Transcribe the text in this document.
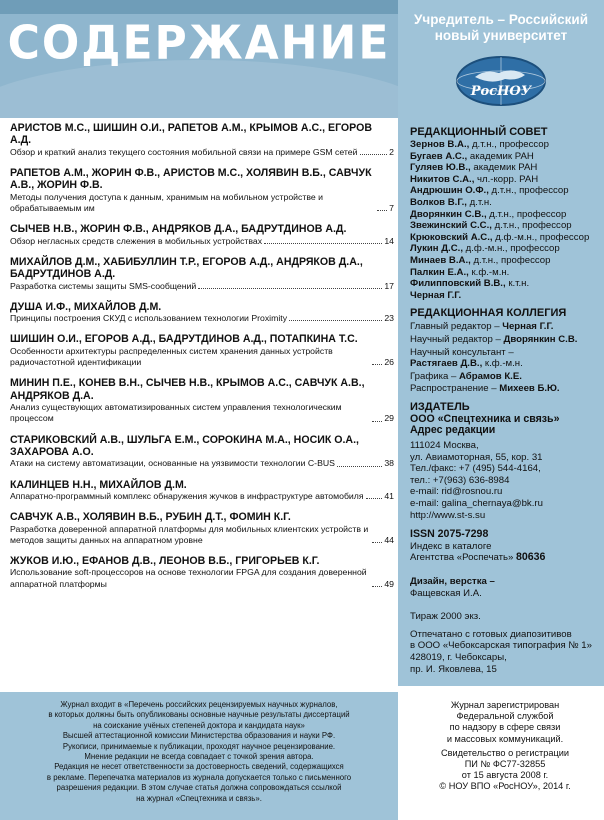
СОДЕРЖАНИЕ	Учредитель – Российский новый университет
РосНОУ
АРИСТОВ М.С., ШИШИН О.И., РАПЕТОВ А.М., КРЫМОВ А.С., ЕГОРОВ А.Д.
Обзор и краткий анализ текущего состояния мобильной связи на примере GSM сетей	2
РАПЕТОВ А.М., ЖОРИН Ф.В., АРИСТОВ М.С., ХОЛЯВИН В.Б., САВЧУК А.В., ЖОРИН Ф.В.
Методы получения доступа к данным, хранимым на мобильном устройстве и обрабатываемым им	7
СЫЧЕВ Н.В., ЖОРИН Ф.В., АНДРЯКОВ Д.А., БАДРУТДИНОВ А.Д.
Обзор негласных средств слежения в мобильных устройствах	14
МИХАЙЛОВ Д.М., ХАБИБУЛЛИН Т.Р., ЕГОРОВ А.Д., АНДРЯКОВ Д.А., БАДРУТДИНОВ А.Д.
Разработка системы защиты SMS-сообщений	17
ДУША И.Ф., МИХАЙЛОВ Д.М.
Принципы построения СКУД с использованием технологии Proximity	23
ШИШИН О.И., ЕГОРОВ А.Д., БАДРУТДИНОВ А.Д., ПОТАПКИНА Т.С.
Особенности архитектуры распределенных систем хранения данных устройств радиочастотной идентификации	26
МИНИН П.Е., КОНЕВ В.Н., СЫЧЕВ Н.В., КРЫМОВ А.С., САВЧУК А.В., АНДРЯКОВ Д.А.
Анализ существующих автоматизированных систем управления технологическим процессом	29
СТАРИКОВСКИЙ А.В., ШУЛЬГА Е.М., СОРОКИНА М.А., НОСИК О.А., ЗАХАРОВА А.О.
Атаки на систему автоматизации, основанные на уязвимости технологии C-BUS	38
КАЛИНЦЕВ Н.Н., МИХАЙЛОВ Д.М.
Аппаратно-программный комплекс обнаружения жучков в инфраструктуре автомобиля 41
САВЧУК А.В., ХОЛЯВИН В.Б., РУБИН Д.Т., ФОМИН К.Г.
Разработка доверенной аппаратной платформы для мобильных клиентских устройств и методов защиты данных на аппаратном уровне	44
ЖУКОВ И.Ю., ЕФАНОВ Д.В., ЛЕОНОВ В.Б., ГРИГОРЬЕВ К.Г.
Использование soft-процессоров на основе технологии FPGA для создания доверенной аппаратной платформы	49
РЕДАКЦИОННЫЙ СОВЕТ
Зернов В.А., д.т.н., профессор
Бугаев А.С., академик РАН
Гуляев Ю.В., академик РАН
Никитов С.А., чл.-корр. РАН
Андрюшин О.Ф., д.т.н., профессор
Волков В.Г., д.т.н.
Дворянкин С.В., д.т.н., профессор
Звежинский С.С., д.т.н., профессор
Крюковский А.С., д.ф.-м.н., профессор
Лукин Д.С., д.ф.-м.н., профессор
Минаев В.А., д.т.н., профессор
Палкин Е.А., к.ф.-м.н.
Филипповский В.В., к.т.н.
Черная Г.Г.
РЕДАКЦИОННАЯ КОЛЛЕГИЯ
Главный редактор – Черная Г.Г.
Научный редактор – Дворянкин С.В.
Научный консультант –
Растягаев Д.В., к.ф.-м.н.
Графика – Абрамов К.Е.
Распространение – Михеев Б.Ю.
ИЗДАТЕЛЬ
ООО «Спецтехника и связь»
Адрес редакции
111024 Москва,
ул. Авиамоторная, 55, кор. 31
Тел./факс: +7 (495) 544-4164,
тел.: +7(963) 636-8984
e-mail: rid@rosnou.ru
e-mail: galina_chernaya@bk.ru
http://www.st-s.su
ISSN 2075-7298
Индекс в каталоге
Агентства «Роспечать» 80636
Дизайн, верстка –
Фащевская И.А.
Тираж 2000 экз.
Отпечатано с готовых диапозитивов
в ООО «Чебоксарская типография № 1»
428019, г. Чебоксары,
пр. И. Яковлева, 15
Журнал входит в «Перечень российских рецензируемых научных журналов,
в которых должны быть опубликованы основные научные результаты диссертаций
на соискание учёных степеней доктора и кандидата наук»
Высшей аттестационной комиссии Министерства образования и науки РФ.
Рукописи, принимаемые к публикации, проходят научное рецензирование.
Мнение редакции не всегда совпадает с точкой зрения автора.
Редакция не несет ответственности за достоверность сведений, содержащихся
в рекламе. Перепечатка материалов из журнала допускается только с письменного
разрешения редакции. В этом случае статья должна сопровождаться ссылкой
на журнал «Спецтехника и связь».
Журнал зарегистрирован
Федеральной службой
по надзору в сфере связи
и массовых коммуникаций.
Свидетельство о регистрации
ПИ № ФС77-32855
от 15 августа 2008 г.
© НОУ ВПО «РосНОУ», 2014 г.
